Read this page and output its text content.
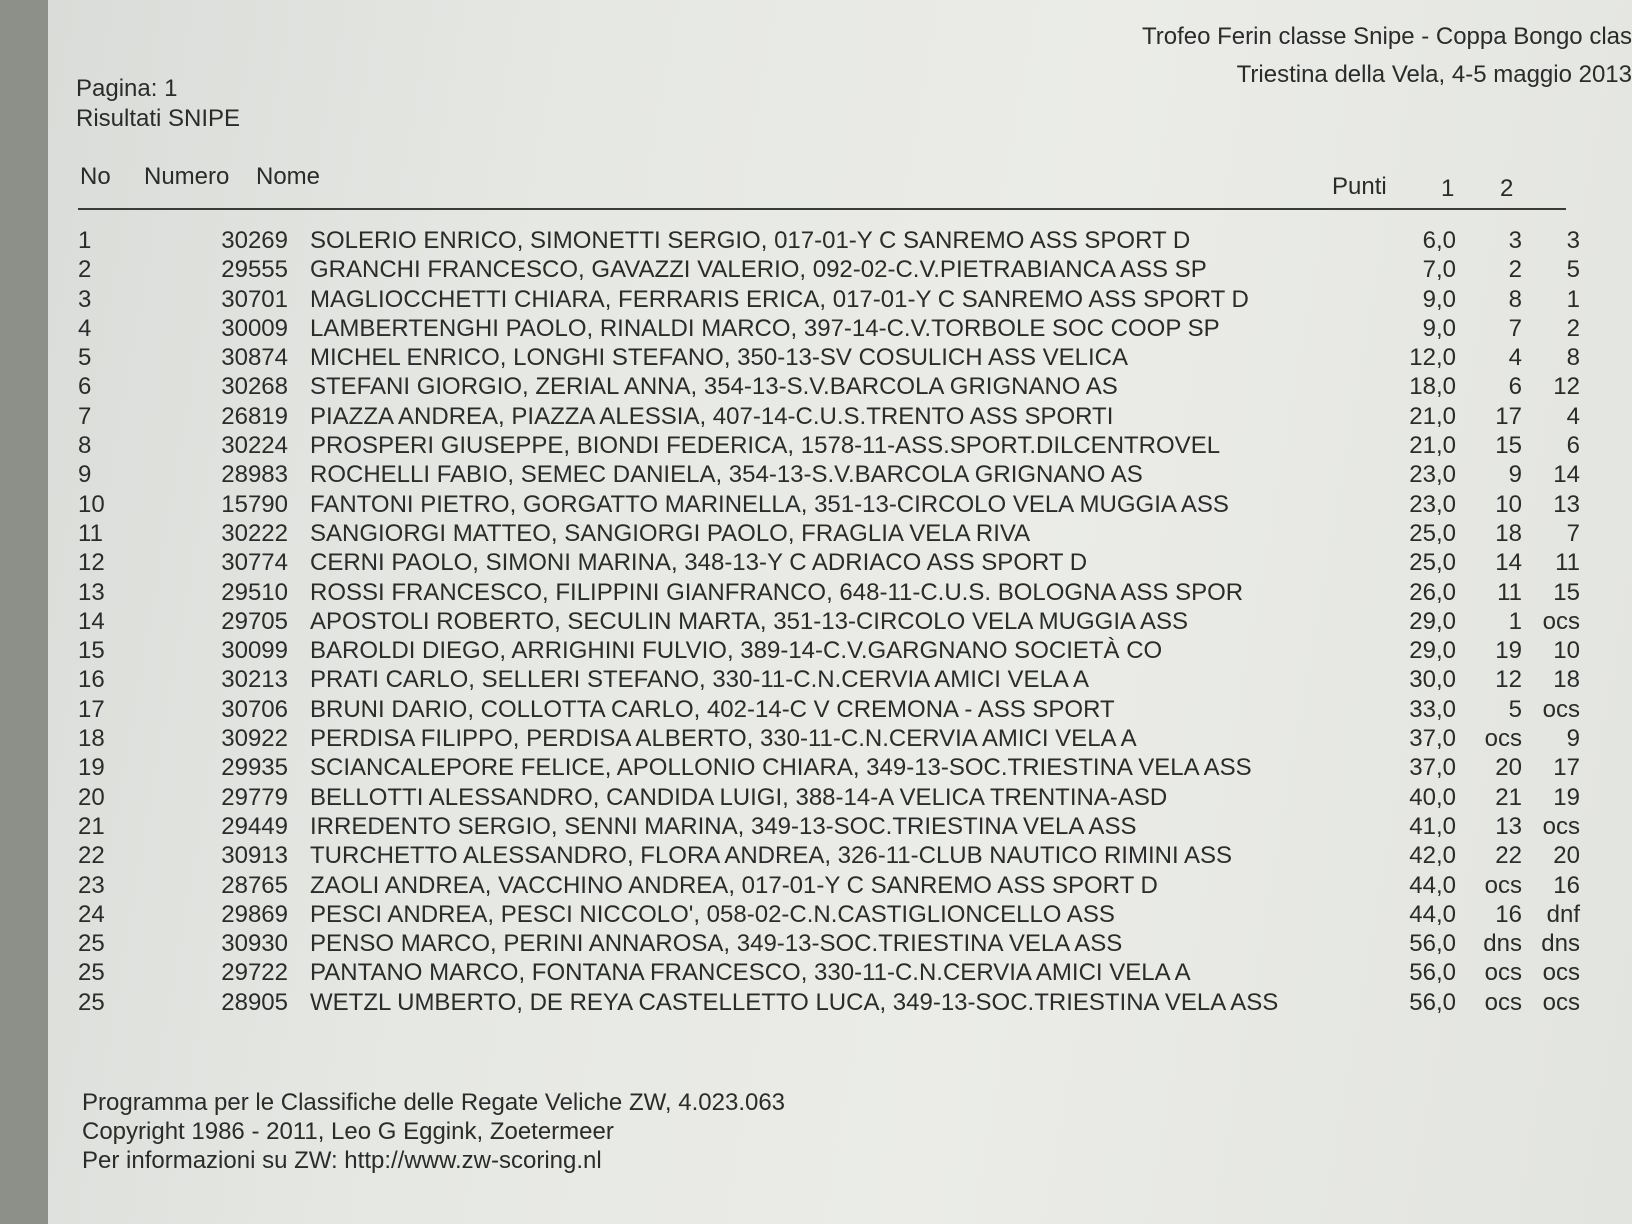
Trofeo Ferin classe Snipe - Coppa Bongo clas
Triestina della Vela, 4-5 maggio 2013
Pagina: 1
Risultati SNIPE
No Numero Nome	Punti 1 2
1	30269 SOLERIO ENRICO, SIMONETTI SERGIO, 017-01-Y C SANREMO ASS SPORT D	6,0	3	3
2	29555 GRANCHI FRANCESCO, GAVAZZI VALERIO, 092-02-C.V.PIETRABIANCA ASS SP	7,0	2	5
3	30701 MAGLIOCCHETTI CHIARA, FERRARIS ERICA, 017-01-Y C SANREMO ASS SPORT D	9,0	8	1
4	30009 LAMBERTENGHI PAOLO, RINALDI MARCO, 397-14-C.V.TORBOLE SOC COOP SP	9,0	7	2
5	30874 MICHEL ENRICO, LONGHI STEFANO, 350-13-SV COSULICH ASS VELICA	12,0	4	8
6	30268 STEFANI GIORGIO, ZERIAL ANNA, 354-13-S.V.BARCOLA GRIGNANO AS	18,0	6	12
7	26819 PIAZZA ANDREA, PIAZZA ALESSIA, 407-14-C.U.S.TRENTO ASS SPORTI	21,0	17	4
8	30224 PROSPERI GIUSEPPE, BIONDI FEDERICA, 1578-11-ASS.SPORT.DILCENTROVEL	21,0	15	6
9	28983 ROCHELLI FABIO, SEMEC DANIELA, 354-13-S.V.BARCOLA GRIGNANO AS	23,0	9	14
10	15790 FANTONI PIETRO, GORGATTO MARINELLA, 351-13-CIRCOLO VELA MUGGIA ASS	23,0	10	13
11	30222 SANGIORGI MATTEO, SANGIORGI PAOLO, FRAGLIA VELA RIVA	25,0	18	7
12	30774 CERNI PAOLO, SIMONI MARINA, 348-13-Y C ADRIACO ASS SPORT D	25,0	14	11
13	29510 ROSSI FRANCESCO, FILIPPINI GIANFRANCO, 648-11-C.U.S. BOLOGNA ASS SPOR	26,0	11	15
14	29705 APOSTOLI ROBERTO, SECULIN MARTA, 351-13-CIRCOLO VELA MUGGIA ASS	29,0	1 ocs
15	30099 BAROLDI DIEGO, ARRIGHINI FULVIO, 389-14-C.V.GARGNANO SOCIETÀ CO	29,0	19	10
16	30213 PRATI CARLO, SELLERI STEFANO, 330-11-C.N.CERVIA AMICI VELA A	30,0	12	18
17	30706 BRUNI DARIO, COLLOTTA CARLO, 402-14-C V CREMONA - ASS SPORT	33,0	5 ocs
18	30922 PERDISA FILIPPO, PERDISA ALBERTO, 330-11-C.N.CERVIA AMICI VELA A	37,0	ocs	9
19	29935 SCIANCALEPORE FELICE, APOLLONIO CHIARA, 349-13-SOC.TRIESTINA VELA ASS	37,0	20	17
20	29779 BELLOTTI ALESSANDRO, CANDIDA LUIGI, 388-14-A VELICA TRENTINA-ASD	40,0	21	19
21	29449 IRREDENTO SERGIO, SENNI MARINA, 349-13-SOC.TRIESTINA VELA ASS	41,0	13 ocs
22	30913 TURCHETTO ALESSANDRO, FLORA ANDREA, 326-11-CLUB NAUTICO RIMINI ASS	42,0	22	20
23	28765 ZAOLI ANDREA, VACCHINO ANDREA, 017-01-Y C SANREMO ASS SPORT D	44,0	ocs	16
24	29869 PESCI ANDREA, PESCI NICCOLO', 058-02-C.N.CASTIGLIONCELLO ASS	44,0	16	dnf
25	30930 PENSO MARCO, PERINI ANNAROSA, 349-13-SOC.TRIESTINA VELA ASS	56,0	dns dns
25	29722 PANTANO MARCO, FONTANA FRANCESCO, 330-11-C.N.CERVIA AMICI VELA A	56,0	ocs ocs
25	28905 WETZL UMBERTO, DE REYA CASTELLETTO LUCA, 349-13-SOC.TRIESTINA VELA ASS	56,0	ocs ocs
Programma per le Classifiche delle Regate Veliche ZW, 4.023.063
Copyright 1986 - 2011, Leo G Eggink, Zoetermeer
Per informazioni su ZW: http://www.zw-scoring.nl
